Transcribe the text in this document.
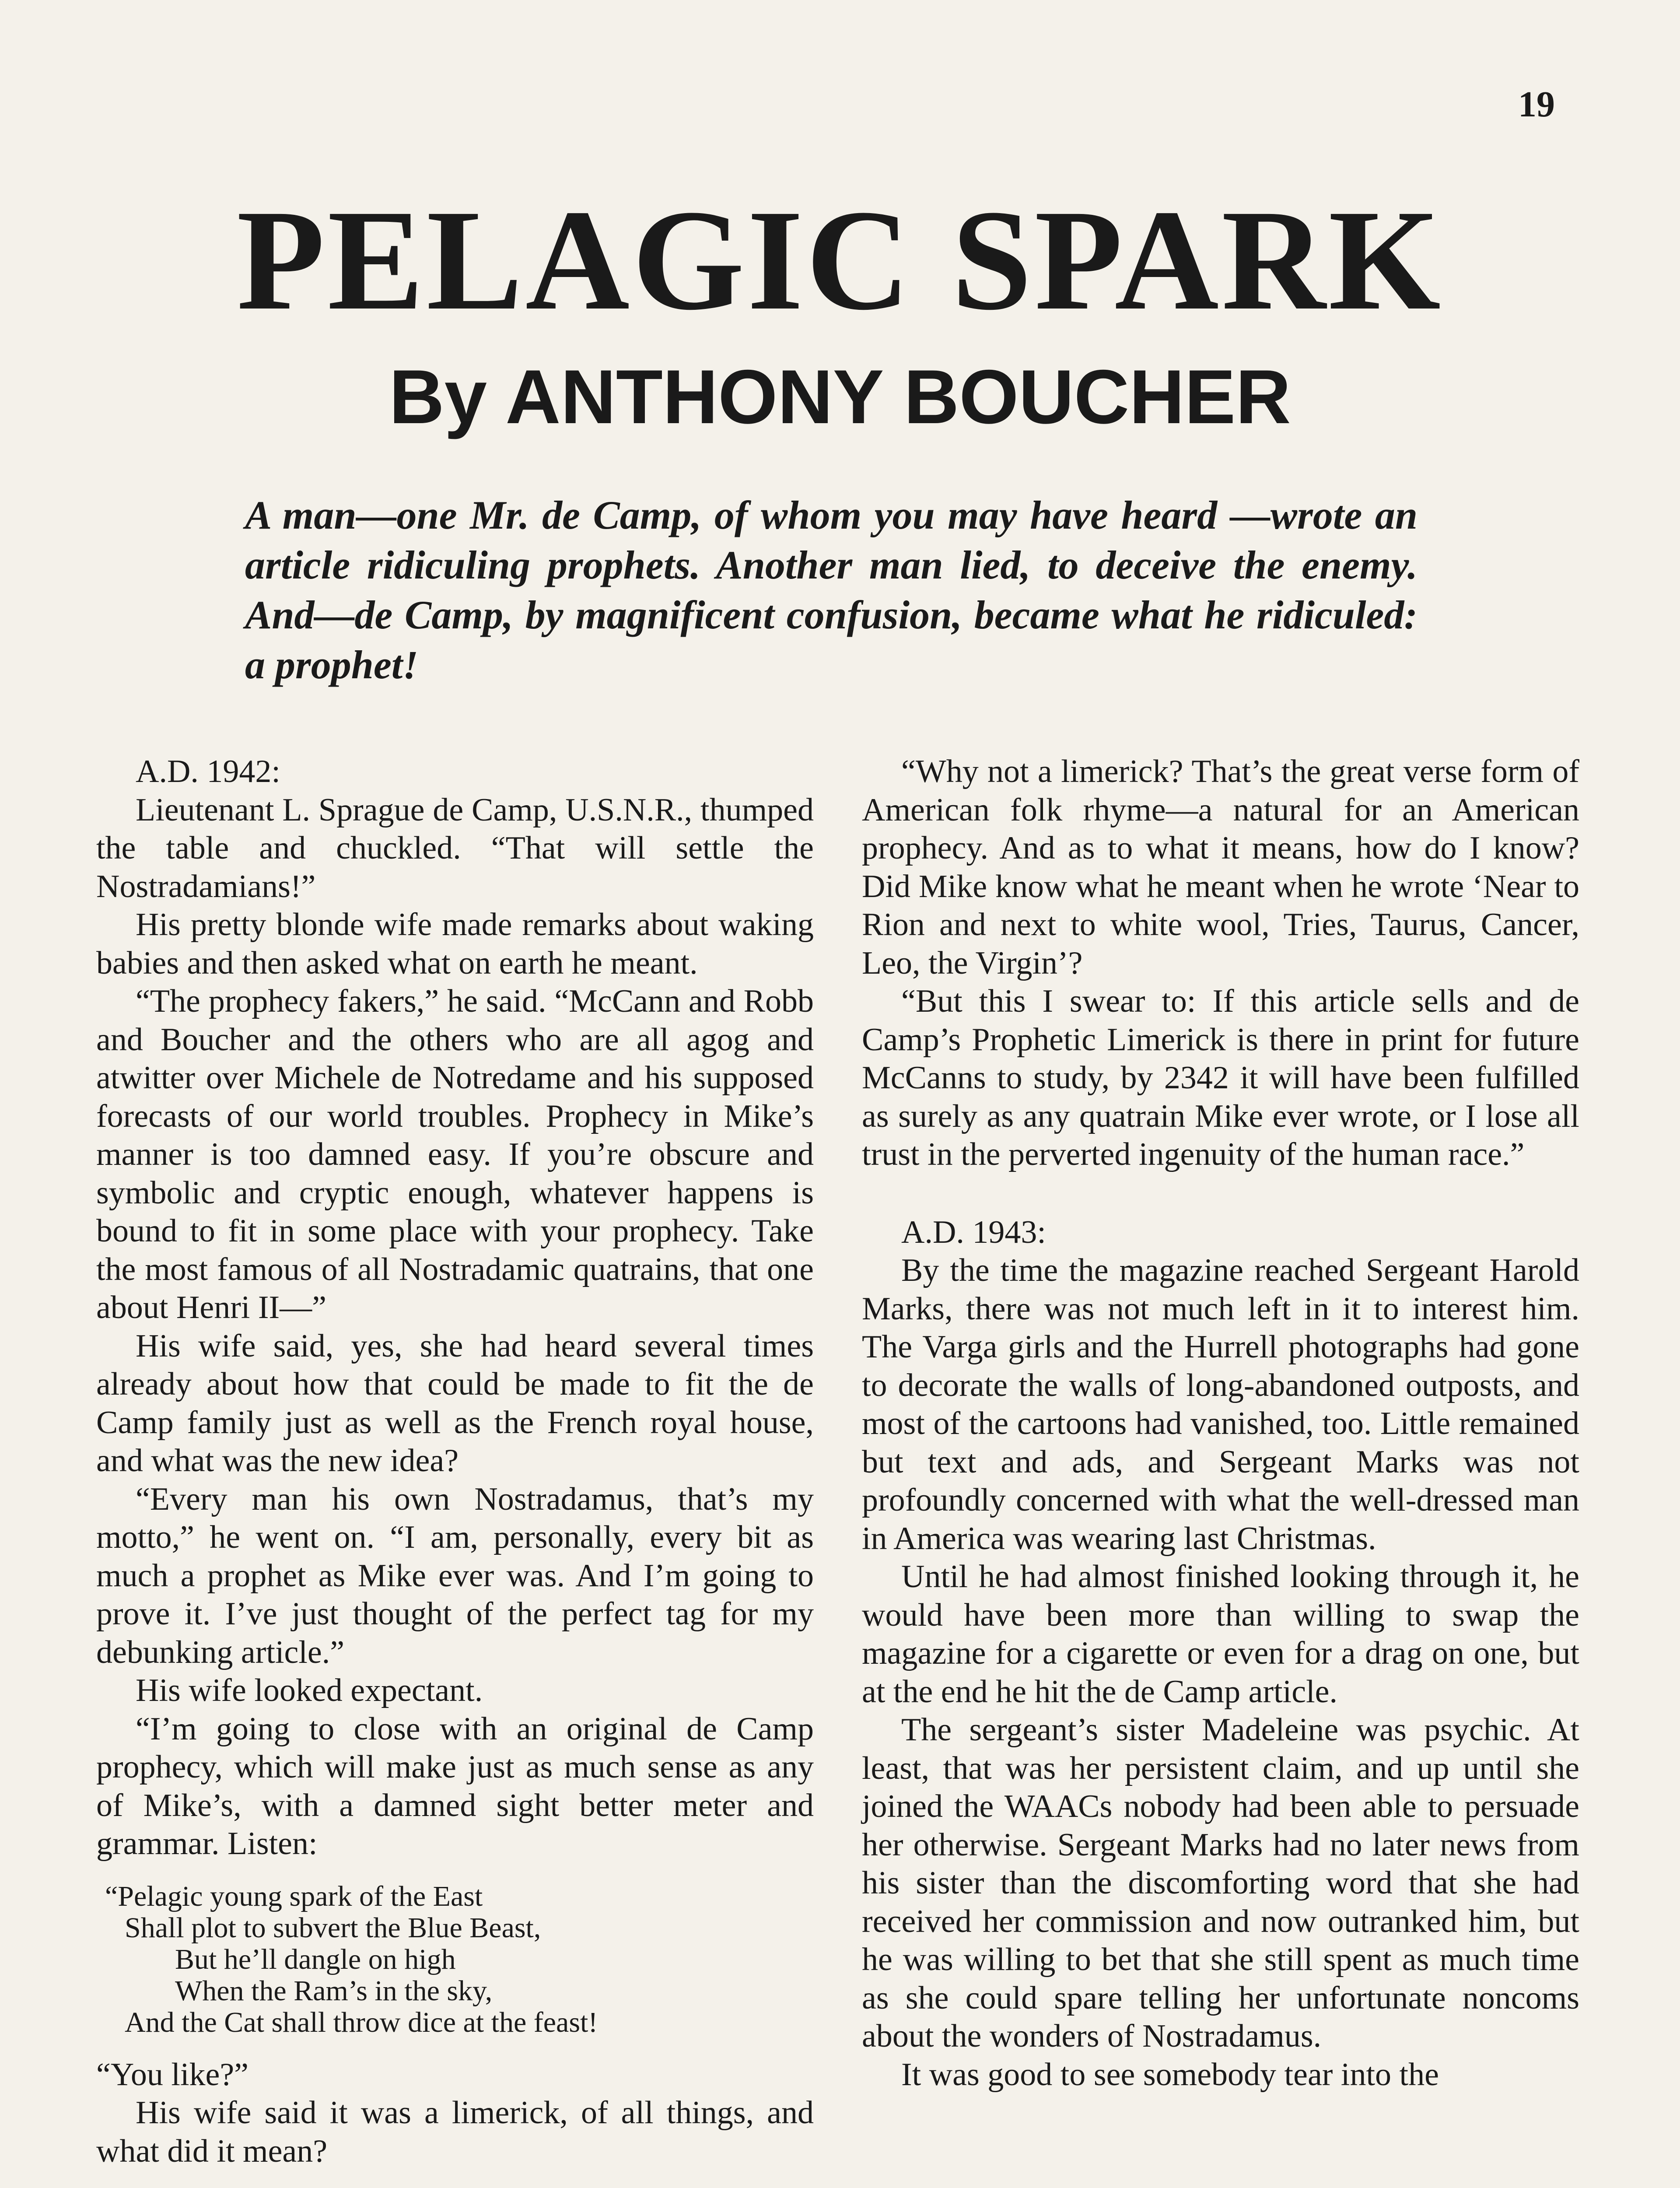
19
PELAGIC SPARK
By ANTHONY BOUCHER
A man—one Mr. de Camp, of whom you may have heard —wrote an article ridiculing prophets. Another man lied, to deceive the enemy. And—de Camp, by magnificent confusion, became what he ridiculed: a prophet!

A.D. 1942:

Lieutenant L. Sprague de Camp, U.S.N.R., thumped the table and chuckled. “That will settle the Nostradamians!”

His pretty blonde wife made remarks about waking babies and then asked what on earth he meant.

“The prophecy fakers,” he said. “McCann and Robb and Boucher and the others who are all agog and atwitter over Michele de Notredame and his supposed forecasts of our world troubles. Prophecy in Mike’s manner is too damned easy. If you’re obscure and symbolic and cryptic enough, whatever happens is bound to fit in some place with your prophecy. Take the most famous of all Nostradamic quatrains, that one about Henri II—”

His wife said, yes, she had heard several times already about how that could be made to fit the de Camp family just as well as the French royal house, and what was the new idea?

“Every man his own Nostradamus, that’s my motto,” he went on. “I am, personally, every bit as much a prophet as Mike ever was. And I’m going to prove it. I’ve just thought of the perfect tag for my debunking article.”

His wife looked expectant.

“I’m going to close with an original de Camp prophecy, which will make just as much sense as any of Mike’s, with a damned sight better meter and grammar. Listen:

“Pelagic young spark of the East
Shall plot to subvert the Blue Beast,
But he’ll dangle on high
When the Ram’s in the sky,
And the Cat shall throw dice at the feast!

“You like?”

His wife said it was a limerick, of all things, and what did it mean?

“Why not a limerick? That’s the great verse form of American folk rhyme—a natural for an American prophecy. And as to what it means, how do I know? Did Mike know what he meant when he wrote ‘Near to Rion and next to white wool, Tries, Taurus, Cancer, Leo, the Virgin’?

“But this I swear to: If this article sells and de Camp’s Prophetic Limerick is there in print for future McCanns to study, by 2342 it will have been fulfilled as surely as any quatrain Mike ever wrote, or I lose all trust in the perverted ingenuity of the human race.”

A.D. 1943:

By the time the magazine reached Sergeant Harold Marks, there was not much left in it to interest him. The Varga girls and the Hurrell photographs had gone to decorate the walls of long-abandoned outposts, and most of the cartoons had vanished, too. Little remained but text and ads, and Sergeant Marks was not profoundly concerned with what the well-dressed man in America was wearing last Christmas.

Until he had almost finished looking through it, he would have been more than willing to swap the magazine for a cigarette or even for a drag on one, but at the end he hit the de Camp article.

The sergeant’s sister Madeleine was psychic. At least, that was her persistent claim, and up until she joined the WAACs nobody had been able to persuade her otherwise. Sergeant Marks had no later news from his sister than the discomforting word that she had received her commission and now outranked him, but he was willing to bet that she still spent as much time as she could spare telling her unfortunate noncoms about the wonders of Nostradamus.

It was good to see somebody tear into the
